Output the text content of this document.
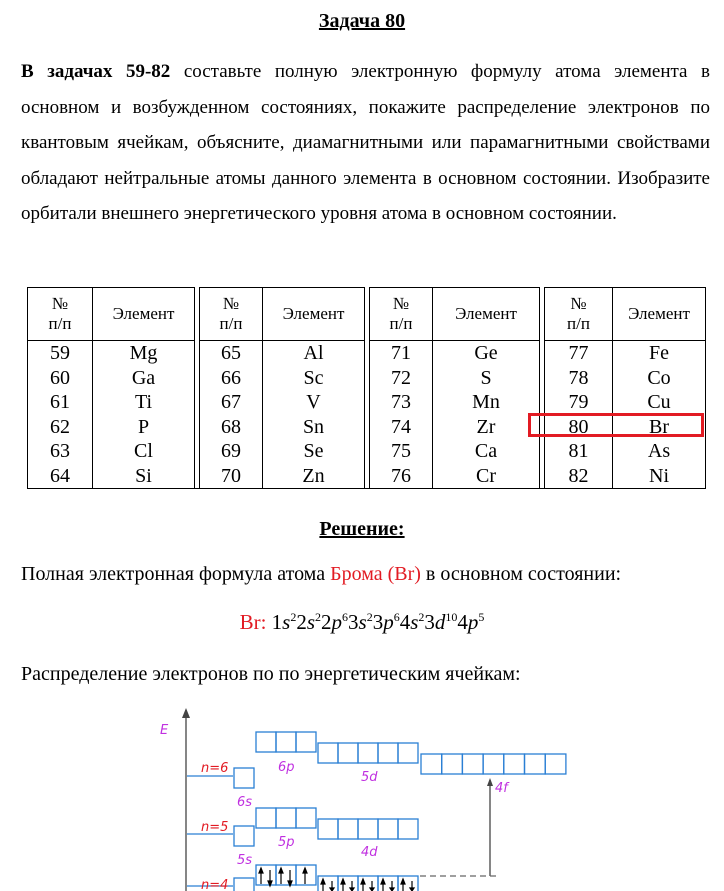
Задача 80
В задачах 59-82 составьте полную электронную формулу атома элемента в основном и возбужденном состояниях, покажите распределение электронов по квантовым ячейкам, объясните, диамагнитными или парамагнитными свойствами обладают нейтральные атомы данного элемента в основном состоянии. Изобразите орбитали внешнего энергетического уровня атома в основном состоянии.
№
п/п	Элемент		№
п/п	Элемент		№
п/п	Элемент		№
п/п	Элемент
59	Mg		65	Al		71	Ge		77	Fe
60	Ga		66	Sc		72	S		78	Co
61	Ti		67	V		73	Mn		79	Cu
62	P		68	Sn		74	Zr		80	Br
63	Cl		69	Se		75	Ca		81	As
64	Si		70	Zn		76	Cr		82	Ni
Решение:
Полная электронная формула атома Брома (Br) в основном состоянии:
Br: $1s^22s^22p^63s^23p^64s^23d^{10}4p^5$
Распределение электронов по по энергетическим ячейкам:
E
n=6
n=5
n=4
6s
6p
5d
4f
5s
5p
4d
